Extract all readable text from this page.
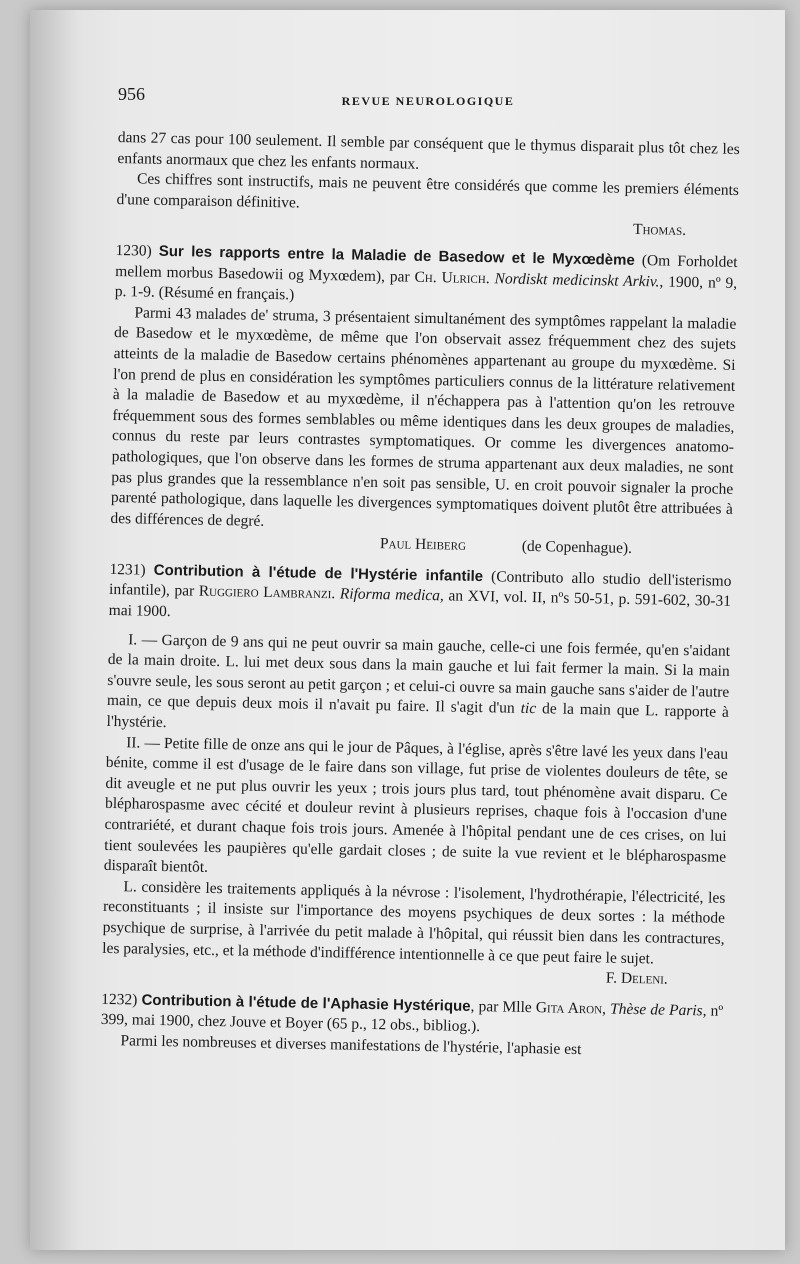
956	REVUE NEUROLOGIQUE

dans 27 cas pour 100 seulement. Il semble par conséquent que le thymus disparait plus tôt chez les enfants anormaux que chez les enfants normaux.

Ces chiffres sont instructifs, mais ne peuvent être considérés que comme les premiers éléments d'une comparaison définitive.

Thomas.

1230) Sur les rapports entre la Maladie de Basedow et le Myxœdème (Om Forholdet mellem morbus Basedowii og Myxœdem), par Ch. Ulrich. Nordiskt medicinskt Arkiv., 1900, nº 9, p. 1-9. (Résumé en français.)

Parmi 43 malades de' struma, 3 présentaient simultanément des symptômes rappelant la maladie de Basedow et le myxœdème, de même que l'on observait assez fréquemment chez des sujets atteints de la maladie de Basedow certains phénomènes appartenant au groupe du myxœdème. Si l'on prend de plus en considération les symptômes particuliers connus de la littérature relativement à la maladie de Basedow et au myxœdème, il n'échappera pas à l'attention qu'on les retrouve fréquemment sous des formes semblables ou même identiques dans les deux groupes de maladies, connus du reste par leurs contrastes symptomatiques. Or comme les divergences anatomo-pathologiques, que l'on observe dans les formes de struma appartenant aux deux maladies, ne sont pas plus grandes que la ressemblance n'en soit pas sensible, U. en croit pouvoir signaler la proche parenté pathologique, dans laquelle les divergences symptomatiques doivent plutôt être attribuées à des différences de degré.

Paul Heiberg	(de Copenhague).

1231) Contribution à l'étude de l'Hystérie infantile (Contributo allo studio dell'isterismo infantile), par Ruggiero Lambranzi. Riforma medica, an XVI, vol. II, nºs 50-51, p. 591-602, 30-31 mai 1900.

I. — Garçon de 9 ans qui ne peut ouvrir sa main gauche, celle-ci une fois fermée, qu'en s'aidant de la main droite. L. lui met deux sous dans la main gauche et lui fait fermer la main. Si la main s'ouvre seule, les sous seront au petit garçon ; et celui-ci ouvre sa main gauche sans s'aider de l'autre main, ce que depuis deux mois il n'avait pu faire. Il s'agit d'un tic de la main que L. rapporte à l'hystérie.

II. — Petite fille de onze ans qui le jour de Pâques, à l'église, après s'être lavé les yeux dans l'eau bénite, comme il est d'usage de le faire dans son village, fut prise de violentes douleurs de tête, se dit aveugle et ne put plus ouvrir les yeux ; trois jours plus tard, tout phénomène avait disparu. Ce blépharospasme avec cécité et douleur revint à plusieurs reprises, chaque fois à l'occasion d'une contrariété, et durant chaque fois trois jours. Amenée à l'hôpital pendant une de ces crises, on lui tient soulevées les paupières qu'elle gardait closes ; de suite la vue revient et le blépharospasme disparaît bientôt.

L. considère les traitements appliqués à la névrose : l'isolement, l'hydrothérapie, l'électricité, les reconstituants ; il insiste sur l'importance des moyens psychiques de deux sortes : la méthode psychique de surprise, à l'arrivée du petit malade à l'hôpital, qui réussit bien dans les contractures, les paralysies, etc., et la méthode d'indifférence intentionnelle à ce que peut faire le sujet.

F. Deleni.

1232) Contribution à l'étude de l'Aphasie Hystérique, par Mlle Gita Aron, Thèse de Paris, nº 399, mai 1900, chez Jouve et Boyer (65 p., 12 obs., bibliog.).

Parmi les nombreuses et diverses manifestations de l'hystérie, l'aphasie est
